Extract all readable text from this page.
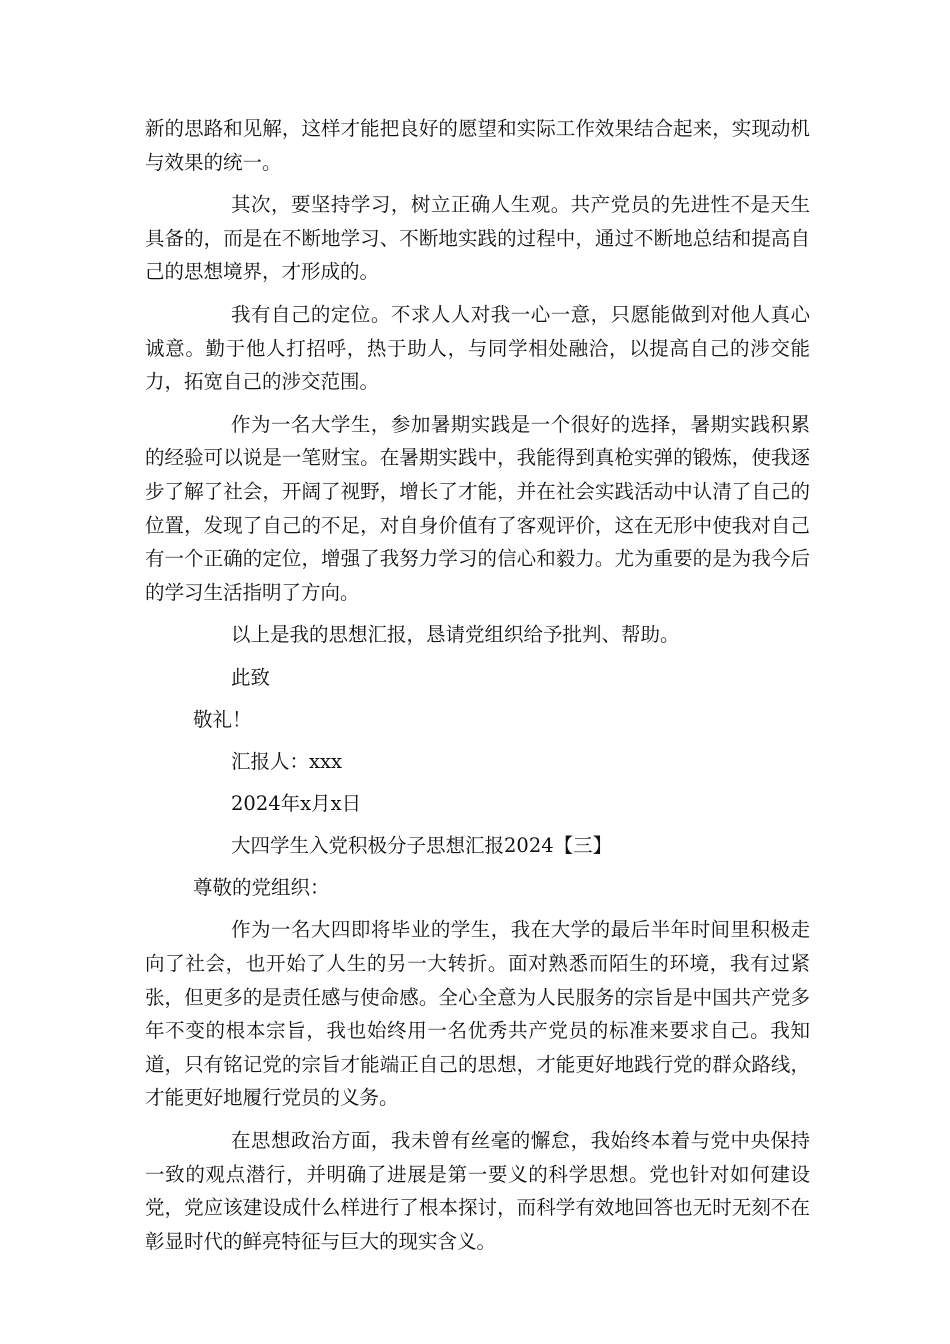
新的思路和见解，这样才能把良好的愿望和实际工作效果结合起来，实现动机与效果的统一。

其次，要坚持学习，树立正确人生观。共产党员的先进性不是天生具备的，而是在不断地学习、不断地实践的过程中，通过不断地总结和提高自己的思想境界，才形成的。

我有自己的定位。不求人人对我一心一意，只愿能做到对他人真心诚意。勤于他人打招呼，热于助人，与同学相处融洽，以提高自己的涉交能力，拓宽自己的涉交范围。

作为一名大学生，参加暑期实践是一个很好的选择，暑期实践积累的经验可以说是一笔财宝。在暑期实践中，我能得到真枪实弹的锻炼，使我逐步了解了社会，开阔了视野，增长了才能，并在社会实践活动中认清了自己的位置，发现了自己的不足，对自身价值有了客观评价，这在无形中使我对自己有一个正确的定位，增强了我努力学习的信心和毅力。尤为重要的是为我今后的学习生活指明了方向。

以上是我的思想汇报，恳请党组织给予批判、帮助。

此致
敬礼！
汇报人：xxx
2024年x月x日
大四学生入党积极分子思想汇报2024【三】
尊敬的党组织：

作为一名大四即将毕业的学生，我在大学的最后半年时间里积极走向了社会，也开始了人生的另一大转折。面对熟悉而陌生的环境，我有过紧张，但更多的是责任感与使命感。全心全意为人民服务的宗旨是中国共产党多年不变的根本宗旨，我也始终用一名优秀共产党员的标准来要求自己。我知道，只有铭记党的宗旨才能端正自己的思想，才能更好地践行党的群众路线，才能更好地履行党员的义务。

在思想政治方面，我未曾有丝毫的懈怠，我始终本着与党中央保持一致的观点潜行，并明确了进展是第一要义的科学思想。党也针对如何建设党，党应该建设成什么样进行了根本探讨，而科学有效地回答也无时无刻不在彰显时代的鲜亮特征与巨大的现实含义。
